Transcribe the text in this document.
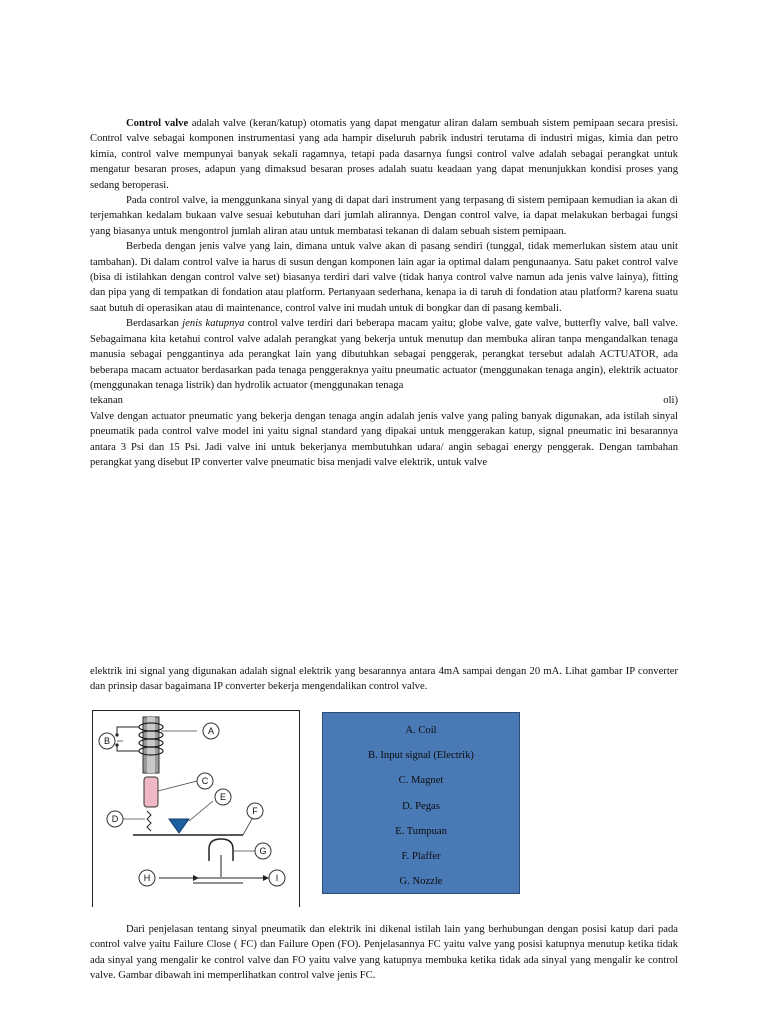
Control valve adalah valve (keran/katup) otomatis yang dapat mengatur aliran dalam sembuah sistem pemipaan secara presisi. Control valve sebagai komponen instrumentasi yang ada hampir diseluruh pabrik industri terutama di industri migas, kimia dan petro kimia, control valve mempunyai banyak sekali ragamnya, tetapi pada dasarnya fungsi control valve adalah sebagai perangkat untuk mengatur besaran proses, adapun yang dimaksud besaran proses adalah suatu keadaan yang dapat menunjukkan kondisi proses yang sedang beroperasi.

Pada control valve, ia menggunkana sinyal yang di dapat dari instrument yang terpasang di sistem pemipaan kemudian ia akan di terjemahkan kedalam bukaan valve sesuai kebutuhan dari jumlah alirannya. Dengan control valve, ia dapat melakukan berbagai fungsi yang biasanya untuk mengontrol jumlah aliran atau untuk membatasi tekanan di dalam sebuah sistem pemipaan.

Berbeda dengan jenis valve yang lain, dimana untuk valve akan di pasang sendiri (tunggal, tidak memerlukan sistem atau unit tambahan). Di dalam control valve ia harus di susun dengan komponen lain agar ia optimal dalam pengunaanya. Satu paket control valve (bisa di istilahkan dengan control valve set) biasanya terdiri dari valve (tidak hanya control valve namun ada jenis valve lainya), fitting dan pipa yang di tempatkan di fondation atau platform. Pertanyaan sederhana, kenapa ia di taruh di fondation atau platform? karena suatu saat butuh di operasikan atau di maintenance, control valve ini mudah untuk di bongkar dan di pasang kembali.

Berdasarkan jenis katupnya control valve terdiri dari beberapa macam yaitu; globe valve, gate valve, butterfly valve, ball valve. Sebagaimana kita ketahui control valve adalah perangkat yang bekerja untuk menutup dan membuka aliran tanpa mengandalkan tenaga manusia sebagai penggantinya ada perangkat lain yang dibutuhkan sebagai penggerak, perangkat tersebut adalah ACTUATOR, ada beberapa macam actuator berdasarkan pada tenaga penggeraknya yaitu pneumatic actuator (menggunakan tenaga angin), elektrik actuator (menggunakan tenaga listrik) dan hydrolik actuator (menggunakan tenaga

tekanan	oli)

Valve dengan actuator pneumatic yang bekerja dengan tenaga angin adalah jenis valve yang paling banyak digunakan, ada istilah sinyal pneumatik pada control valve model ini yaitu signal standard yang dipakai untuk menggerakan katup, signal pneumatic ini besarannya antara 3 Psi dan 15 Psi. Jadi valve ini untuk bekerjanya membutuhkan udara/ angin sebagai energy penggerak. Dengan tambahan perangkat yang disebut IP converter valve pneumatic bisa menjadi valve elektrik, untuk valve

elektrik ini signal yang digunakan adalah signal elektrik yang besarannya antara 4mA sampai dengan 20 mA. Lihat gambar IP converter dan prinsip dasar bagaimana IP converter bekerja mengendalikan control valve.

A
B
C
D
E
F
G
H	I
A. Coil
B. Input signal (Electrik)
C. Magnet
D. Pegas
E. Tumpuan
F. Plaffer
G. Nozzle

Dari penjelasan tentang sinyal pneumatik dan elektrik ini dikenal istilah lain yang berhubungan dengan posisi katup dari pada control valve yaitu Failure Close ( FC) dan Failure Open (FO). Penjelasannya FC yaitu valve yang posisi katupnya menutup ketika tidak ada sinyal yang mengalir ke control valve dan FO yaitu valve yang katupnya membuka ketika tidak ada sinyal yang mengalir ke control valve. Gambar dibawah ini memperlihatkan control valve jenis FC.
